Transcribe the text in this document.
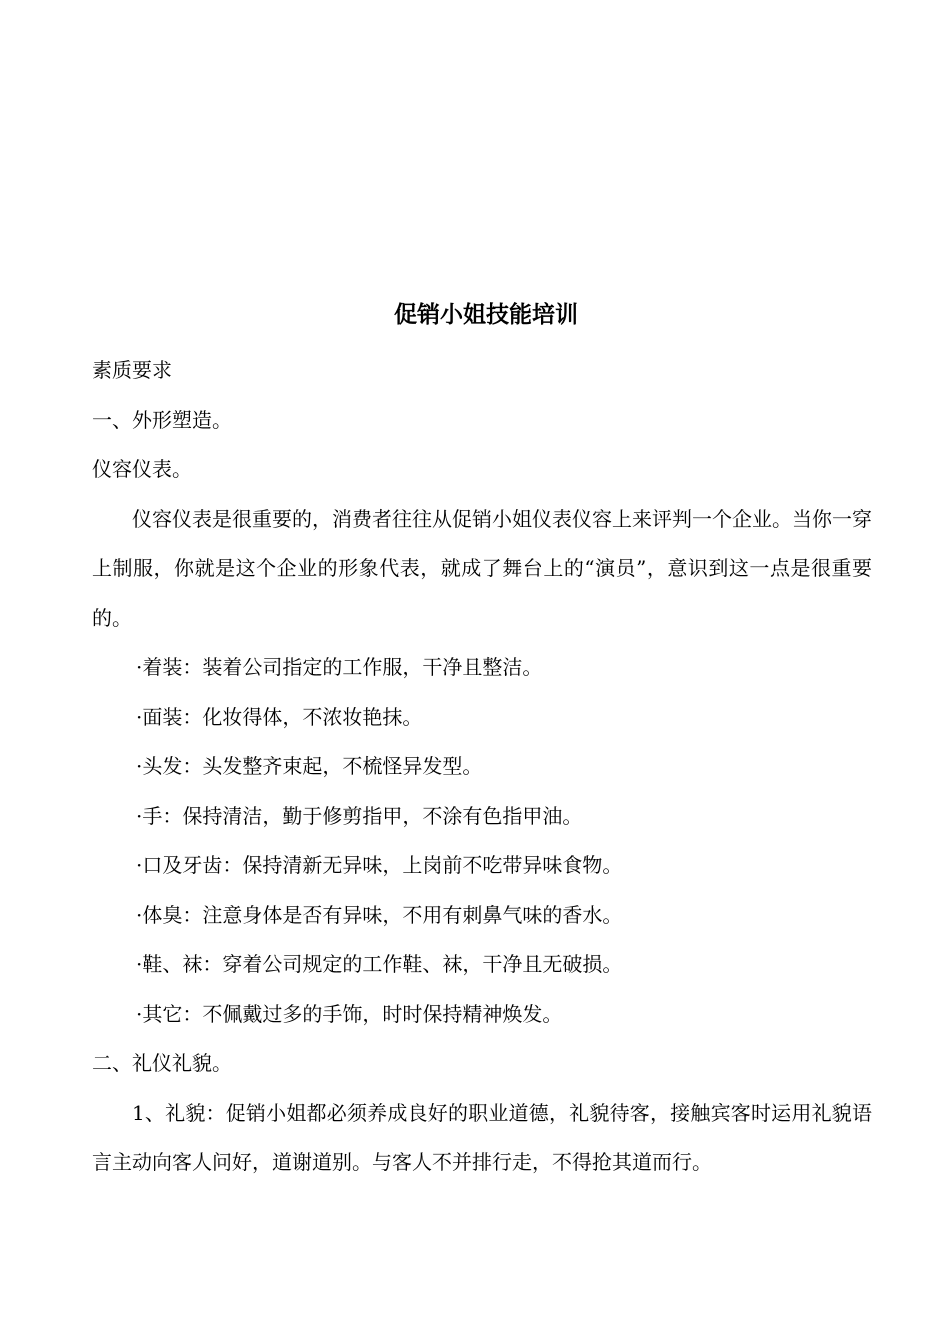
促销小姐技能培训

素质要求

一、外形塑造。

仪容仪表。

仪容仪表是很重要的，消费者往往从促销小姐仪表仪容上来评判一个企业。当你一穿上制服，你就是这个企业的形象代表，就成了舞台上的“演员”，意识到这一点是很重要的。

·着装：装着公司指定的工作服，干净且整洁。

·面装：化妆得体，不浓妆艳抹。

·头发：头发整齐束起，不梳怪异发型。

·手：保持清洁，勤于修剪指甲，不涂有色指甲油。

·口及牙齿：保持清新无异味，上岗前不吃带异味食物。

·体臭：注意身体是否有异味，不用有刺鼻气味的香水。

·鞋、袜：穿着公司规定的工作鞋、袜，干净且无破损。

·其它：不佩戴过多的手饰，时时保持精神焕发。

二、礼仪礼貌。

1、礼貌：促销小姐都必须养成良好的职业道德，礼貌待客，接触宾客时运用礼貌语言主动向客人问好，道谢道别。与客人不并排行走，不得抢其道而行。
